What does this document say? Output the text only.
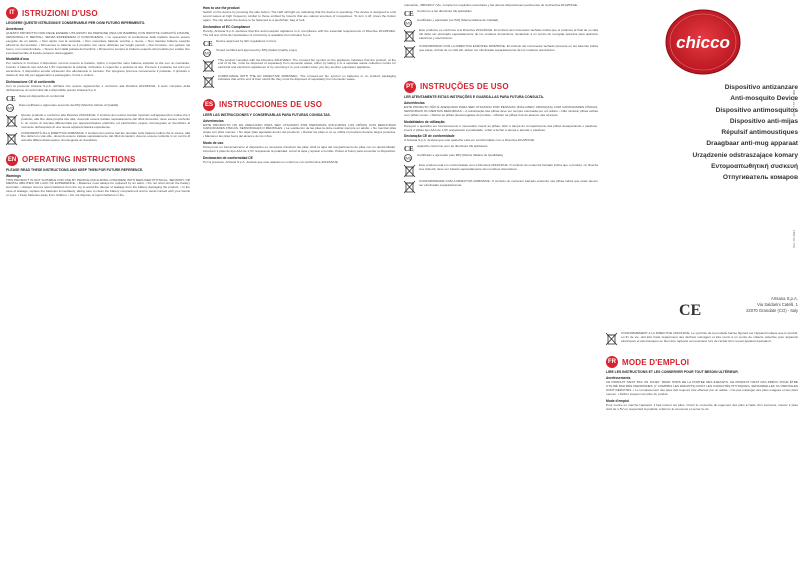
IT ISTRUZIONI D'USO
LEGGERE QUESTE ISTRUZIONI E CONSERVARLE PER OGNI FUTURO RIFERIMENTO.
Avvertenze
QUESTO PRODOTTO NON DEVE ESSERE UTILIZZATO DA PERSONE (INCLUSI BAMBINI) CON RIDOTTE CAPACITÀ FISICHE, SENSORIALI O MENTALI, SENZA ESPERIENZA O CONOSCENZA. • Le operazioni di sostituzione delle batterie devono essere eseguite da un adulto. • Non aprire mai la custodia. • Non mescolare batterie vecchie e nuove. • Non lasciare batterie esaurite all'interno del prodotto. • Rimuovere le batterie se il prodotto non viene utilizzato per lunghi periodi. • Non bruciare, non gettare nel fuoco, non cortocircuitare. • Tenere fuori dalla portata dei bambini. • Rimuovere sempre le batterie esaurite dal prodotto per evitare che eventuali perdite di liquido possano danneggiarlo.
Modalità d'uso
Per mettere in funzione il dispositivo occorre inserire le batterie. Aprire il coperchio vano batterie svitando la vite con un cacciavite, inserire 2 batterie tipo AAA da 1,5V rispettando la polarità, richiudere il coperchio e avvitare la vite. Premere il pulsante sul retro per accendere. Il dispositivo emette ultrasuoni che allontanano le zanzare. Per spegnere premere nuovamente il pulsante. Il prodotto è dotato di una clip per agganciarlo a passeggino, borsa o cintura.
Dichiarazione CE di conformità
Con la presente Artsana S.p.A. dichiara che questo apparecchio è conforme alla Direttiva 2014/53/UE. Il testo completo della dichiarazione di conformità UE è disponibile presso Artsana S.p.A.
CE Data sul dispositivo di conformità
IMQ
Dato certificato e approvato secondo da IMQ (Marchio Istituto di Qualità)
Questo prodotto è conforme alla Direttiva 2012/19/UE. Il simbolo del cestino barrato riportato sull'apparecchio indica che il prodotto, alla fine della propria vita utile, dovendo essere trattato separatamente dai rifiuti domestici, deve essere conferito in un centro di raccolta differenziata per apparecchiature elettriche ed elettroniche oppure riconsegnato al rivenditore al momento dell'acquisto di una nuova apparecchiatura equivalente.
CONFORMITÀ ALLA DIRETTIVA 2006/66/CE. Il simbolo del cestino barrato riportato sulle batterie indica che le stesse, alla fine della loro vita utile, dovendo essere trattate separatamente dai rifiuti domestici, devono essere conferite in un centro di raccolta differenziata oppure riconsegnate al rivenditore.
EN OPERATING INSTRUCTIONS
PLEASE READ THESE INSTRUCTIONS AND KEEP THEM FOR FUTURE REFERENCE.
Warnings
THIS PRODUCT IS NOT SUITABLE FOR USE BY PEOPLE (INCLUDING CHILDREN) WITH REDUCED PHYSICAL, SENSORY OR MENTAL ABILITIES OR LACK OF EXPERIENCE. • Batteries must always be replaced by an adult. • Do not short-circuit the battery terminals. • Always remove spent batteries from the toy to avoid the danger of leakage from the battery damaging the product. • In the case of leakage, replace the batteries immediately, taking care to clean the battery compartment and to avoid contact with your hands or eyes. • Keep batteries away from children. • Do not dispose of spent batteries in fire.
How to use the product
Switch on the device by pressing the side button. The LED will light up, indicating that the device is operating. The device is designed to emit sound waves at high frequency similar to those emitted by insects that are natural enemies of mosquitoes. To turn it off, press the button again. The clip allows the device to be fastened to a pushchair, bag or belt.
Declaration of EC Compliance
Hereby, Artsana S.p.A. declares that this anti-mosquito appliance is in compliance with the essential requirements of Directive 2014/53/EU. The full text of the EU declaration of conformity is available from Artsana S.p.A.
CE Device approved by IEC regulations in force
IMQ
Tested certified and approved by IMQ (Italian Quality Logo)
This product complies with the Directive 2012/19/EU. The crossed bin symbol on the appliance indicates that the product, at the end of its life, must be disposed of separately from domestic waste, either by taking it to a separate waste collection centre for electrical and electronic appliances or by returning it to your retailer when you buy another equivalent appliance.
COMPLIANCE WITH THE EC DIRECTIVE 2006/66/EC. The crossed-out bin symbol on batteries or on product packaging indicates that at the end of their useful life they must be disposed of separately from domestic waste.
ES INSTRUCCIONES DE USO
LEER LAS INSTRUCCIONES Y CONSERVARLAS PARA FUTURAS CONSULTAS.
Advertencias
ESTE PRODUCTO NO ES ADECUADO PARA SER UTILIZADO POR PERSONAS (INCLUIDOS LOS NIÑOS) CON REDUCIDAS CAPACIDADES FÍSICAS, SENSORIALES O MENTALES. • La sustitución de las pilas la debe realizar siempre un adulto. • No mezclar pilas viejas con pilas nuevas. • No dejar pilas agotadas dentro del producto. • Retirar las pilas si no se utiliza el producto durante largos periodos. • Mantener las pilas fuera del alcance de los niños.
Modo de uso
Para poner en funcionamiento el dispositivo es necesario introducir las pilas. Abrir la tapa del compartimento de pilas con un destornillador, introducir 2 pilas de tipo AAA de 1,5V respetando la polaridad, cerrar la tapa y apretar el tornillo. Pulsar el botón para encender el dispositivo.
Declaración de conformidad CE
Por la presente, Artsana S.p.A. declara que este aparato es conforme con la Directiva 2014/53/UE.
marcación, 4503/2017 (Vie, cumple los requisitos esenciales y las demás disposiciones pertinentes de la directiva 2014/53/UE.
CE Conforme a las directivas CE aplicables
IMQ
Certificado y aprobado por IMQ (Marca Italiana de Calidad)
Este producto es conforme a la Directiva 2012/19/UE. El símbolo del contenedor tachado indica que el producto al final de su vida útil debe ser eliminado separadamente de los residuos domésticos, llevándolo a un centro de recogida selectiva para aparatos eléctricos y electrónicos.
CONFORMIDAD CON LA DIRECTIVA EUROPEA 2006/66/CE. El símbolo del contenedor tachado presente en las baterías indica que éstas, al final de su vida útil, deben ser eliminadas separadamente de los residuos domésticos.
PT INSTRUÇÕES DE USO
LER ATENTAMENTE ESTAS INSTRUÇÕES E GUARDÁ-LAS PARA FUTURA CONSULTA.
Advertências
ESTE PRODUTO NÃO É ADEQUADO PARA SER UTILIZADO POR PESSOAS (INCLUINDO CRIANÇAS) COM CAPACIDADES FÍSICAS, SENSORIAIS OU MENTAIS REDUZIDAS. • A substituição das pilhas deve ser sempre efectuada por um adulto. • Não misturar pilhas velhas com pilhas novas. • Retirar as pilhas descarregadas do produto. • Manter as pilhas fora do alcance das crianças.
Modalidades de utilização
Para pôr o aparelho em funcionamento é necessário inserir as pilhas. Abrir a tampa do compartimento das pilhas desapertando o parafuso, inserir 2 pilhas tipo AAA de 1,5V respeitando a polaridade, voltar a fechar a tampa e apertar o parafuso.
Declaração CE de conformidade
A Artsana S.p.A. declara que este aparelho está em conformidade com a Directiva 2014/53/UE.
CE Aparelho conforme com as directivas CE aplicáveis
IMQ
Certificado e aprovado pelo IMQ (Marca Italiana de Qualidade)
Este produto está em conformidade com a Directiva 2012/19/UE. O símbolo do contentor barrado indica que o produto, no final da sua vida útil, deve ser tratado separadamente dos resíduos domésticos.
CONFORMIDADE COM A DIRECTIVA 2006/66/CE. O símbolo do contentor barrado existente nas pilhas indica que estas devem ser eliminadas separadamente.
chicco
Dispositivo antizanzare
Anti-mosquito Device
Dispositivo antimosquitos
Dispositivo anti-mijas
Répulsif antimoustiques
Draagbaar anti-mug apparaat
Urządzenie odstraszające komary
Εντομοαπωθητική συσκευή
Отпугиватель комаров
46.0327.57.100.000
Nov. 07-2021
CE
Artsana S.p.A.
Via Saldarini Catelli, 1
22070 Grandate (CO) - Italy
CONFORMEMENT A LA DIRECTIVE 2012/19/UE. Le symbole de la poubelle barrée figurant sur l'appareil indique que le produit, en fin de vie, doit être traité séparément des déchets ménagers et être remis à un centre de collecte sélective pour appareils électriques et électroniques ou bien être rapporté au revendeur lors de l'achat d'un nouvel appareil équivalent.
FR MODE D'EMPLOI
LIRE LES INSTRUCTIONS ET LES CONSERVER POUR TOUT BESOIN ULTÉRIEUR.
Avertissements
CE PRODUIT N'EST PAS UN JOUET. TENIR HORS DE LA PORTÉE DES ENFANTS. CE PRODUIT N'EST PAS PRÉVU POUR ÊTRE UTILISÉ PAR DES PERSONNES (Y COMPRIS LES ENFANTS) DONT LES CAPACITÉS PHYSIQUES, SENSORIELLES OU MENTALES SONT RÉDUITES. • Le remplacement des piles doit toujours être effectué par un adulte. • Ne pas mélanger des piles usagées et des piles neuves. • Retirer toujours les piles du produit.
Mode d'emploi
Pour mettre en marche l'appareil, il faut insérer les piles. Ouvrir le couvercle du logement des piles à l'aide d'un tournevis, insérer 2 piles AAA de 1,5V en respectant la polarité, refermer le couvercle et serrer la vis.
